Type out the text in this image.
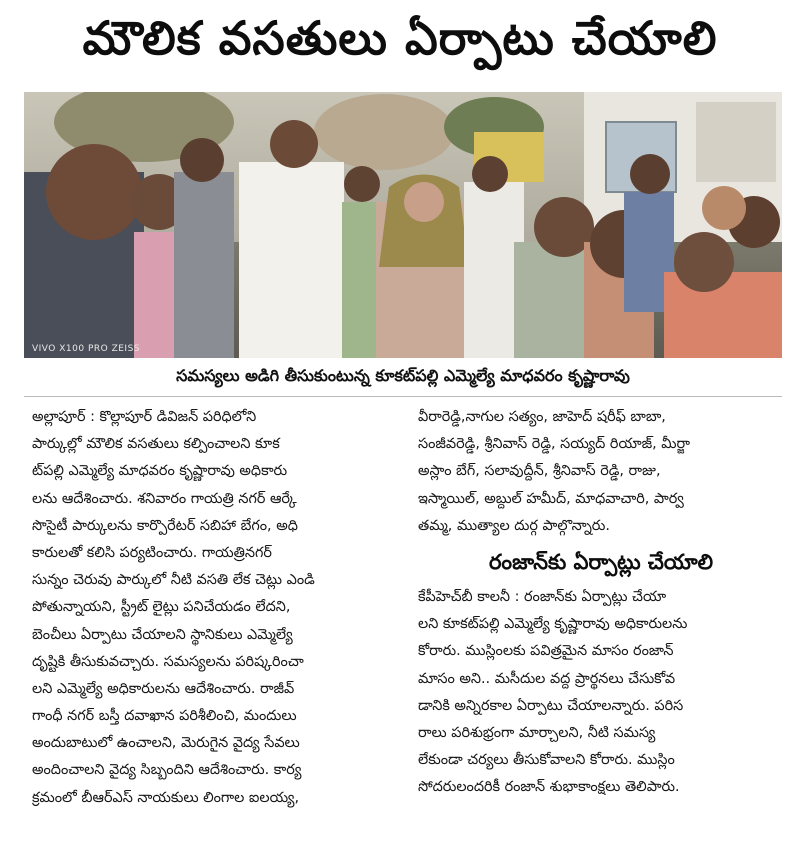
మౌలిక వసతులు ఏర్పాటు చేయాలి
VIVO X100 PRO ZEISS
సమస్యలు అడిగి తీసుకుంటున్న కూకట్‌పల్లి ఎమ్మెల్యే మాధవరం కృష్ణారావు
అల్లాపూర్ : కొల్లాపూర్ డివిజన్ పరిధిలోని
పార్కుల్లో మౌలిక వసతులు కల్పించాలని కూక
ట్‌పల్లి ఎమ్మెల్యే మాధవరం కృష్ణారావు అధికారు
లను ఆదేశించారు. శనివారం గాయత్రి నగర్ ఆర్కే
సొసైటీ పార్కులను కార్పొరేటర్ సబిహా బేగం, అధి
కారులతో కలిసి పర్యటించారు. గాయత్రినగర్
సున్నం చెరువు పార్కులో నీటి వసతి లేక చెట్లు ఎండి
పోతున్నాయని, స్ట్రీట్ లైట్లు పనిచేయడం లేదని,
బెంచీలు ఏర్పాటు చేయాలని స్థానికులు ఎమ్మెల్యే
దృష్టికి తీసుకువచ్చారు. సమస్యలను పరిష్కరించా
లని ఎమ్మెల్యే అధికారులను ఆదేశించారు. రాజీవ్
గాంధీ నగర్ బస్తీ దవాఖాన పరిశీలించి, మందులు
అందుబాటులో ఉంచాలని, మెరుగైన వైద్య సేవలు
అందించాలని వైద్య సిబ్బందిని ఆదేశించారు. కార్య
క్రమంలో బీఆర్ఎస్ నాయకులు లింగాల ఐలయ్య,
వీరారెడ్డి,నాగుల సత్యం, జాహెద్ షరీఫ్ బాబా,
సంజీవరెడ్డి, శ్రీనివాస్ రెడ్డి, సయ్యద్ రియాజ్, మీర్జా
అస్లాం బేగ్, సలావుద్దీన్, శ్రీనివాస్ రెడ్డి, రాజు,
ఇస్మాయిల్, అబ్దుల్ హమీద్, మాధవాచారి, పార్వ
తమ్మ, ముత్యాల దుర్గ పాల్గొన్నారు.
రంజాన్‌కు ఏర్పాట్లు చేయాలి
కేపీహెచ్‌బీ కాలనీ : రంజాన్‌కు ఏర్పాట్లు చేయా
లని కూకట్‌పల్లి ఎమ్మెల్యే కృష్ణారావు అధికారులను
కోరారు. ముస్లింలకు పవిత్రమైన మాసం రంజాన్
మాసం అని.. మసీదుల వద్ద ప్రార్థనలు చేసుకోవ
డానికి అన్నిరకాల ఏర్పాటు చేయాలన్నారు. పరిస
రాలు పరిశుభ్రంగా మార్చాలని, నీటి సమస్య
లేకుండా చర్యలు తీసుకోవాలని కోరారు. ముస్లిం
సోదరులందరికీ రంజాన్ శుభాకాంక్షలు తెలిపారు.
